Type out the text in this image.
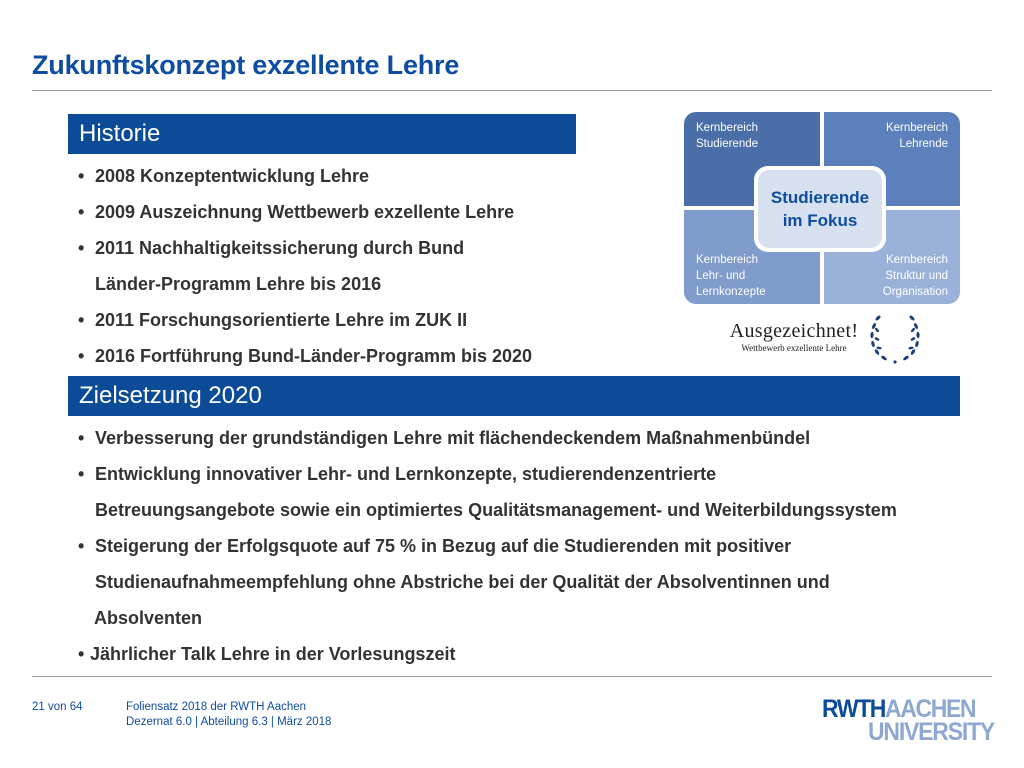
Zukunftskonzept exzellente Lehre
Historie
• 2008 Konzeptentwicklung Lehre
• 2009 Auszeichnung Wettbewerb exzellente Lehre
• 2011 Nachhaltigkeitssicherung durch Bund
Länder-Programm Lehre bis 2016
• 2011 Forschungsorientierte Lehre im ZUK II
• 2016 Fortführung Bund-Länder-Programm bis 2020
Kernbereich
Studierende
Kernbereich
Lehrende
Kernbereich
Lehr- und
Lernkonzepte
Kernbereich
Struktur und
Organisation
Studierende
im Fokus
Ausgezeichnet!
Wettbewerb exzellente Lehre
Zielsetzung 2020
• Verbesserung der grundständigen Lehre mit flächendeckendem Maßnahmenbündel
• Entwicklung innovativer Lehr- und Lernkonzepte, studierendenzentrierte
Betreuungsangebote sowie ein optimiertes Qualitätsmanagement- und Weiterbildungssystem
• Steigerung der Erfolgsquote auf 75 % in Bezug auf die Studierenden mit positiver
Studienaufnahmeempfehlung ohne Abstriche bei der Qualität der Absolventinnen und
Absolventen
• Jährlicher Talk Lehre in der Vorlesungszeit
21 von 64	Foliensatz 2018 der RWTH Aachen
Dezernat 6.0 | Abteilung 6.3 | März 2018	RWTHAACHEN
UNIVERSITY
